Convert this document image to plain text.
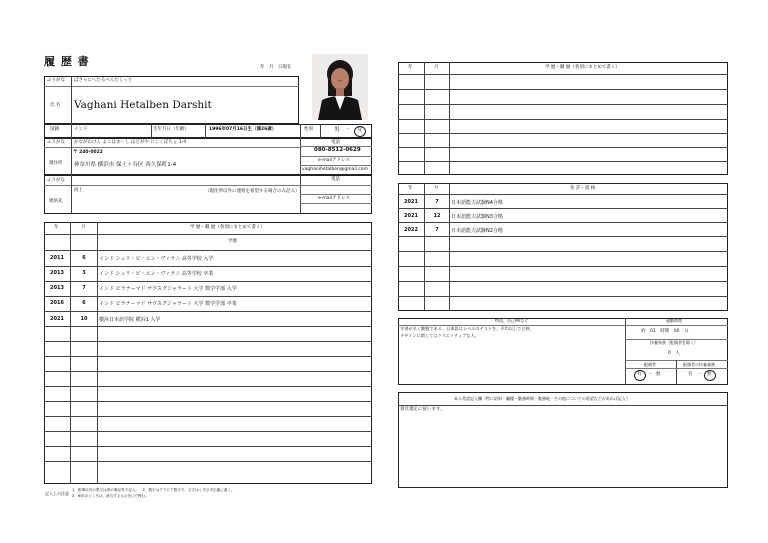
履 歴 書	年　月　日現在
ふりがな ばさゃにへたるべんだしっと
氏 名 Vaghani Hetalben Darshit
国籍	インド	生年月日（年齢）	1996年07月16日生（満26歳）	性別	男 ・ 女
ふりがな かながわけん よこはまーし ほどがや にしくぼちょ 1-4
現住所
〒 240-0022
神奈川県 横浜市 保土ヶ谷区 西久保町1-4
電話
080-8512-0629
e-mailアドレス
vaghanihetalben@gmail.com
ふりがな
連絡先
同上	（現住所以外に連絡を希望する場合のみ記入）
電話
e-mailアドレス
年	月	学 歴・職 歴（各別にまとめて書く）
学歴
2011	6	インド シュリ・ピ・エン・ヴィラニ 高等学校 入学
2013	3	インド シュリ・ピ・エン・ヴィラニ 高等学校 卒業
2013	7	インド ビラナーマド サウスグジャラート 大学 数学学部 入学
2016	6	インド ビラナーマド サウスグジャラート 大学 数学学部 卒業
2021	10	横浜日本語学院 横浜1 入学
記入上の注意
1．鉛筆以外の黒又は青の筆記具で記入。　2．数字はアラビア数字で、文字はくずさず正確に書く。
3．※印のところは、該当するものを○で囲む。
年	月	学 歴・職 歴（各別にまとめて書く）
年	月	免 許・資 格
2021	7	日本語能力試験N4合格
2021	12	日本語能力試験N3合格
2022	7	日本語能力試験N2合格
特技、自己PRなど
学習が早く勤勉である。日本語はレベルのテストを、平均以上で合格。
デザインに関してはクリエイティブな人。
通勤時間
約　01　時間　00　分
扶養家族（配偶者を除く）
0　人
配偶者	配偶者の扶養義務
有 ・ 無	有 ・ 無
本人希望記入欄（特に給料・職種・勤務時間・勤務地・その他についての希望などがあれば記入）
貴社規定に従います。
